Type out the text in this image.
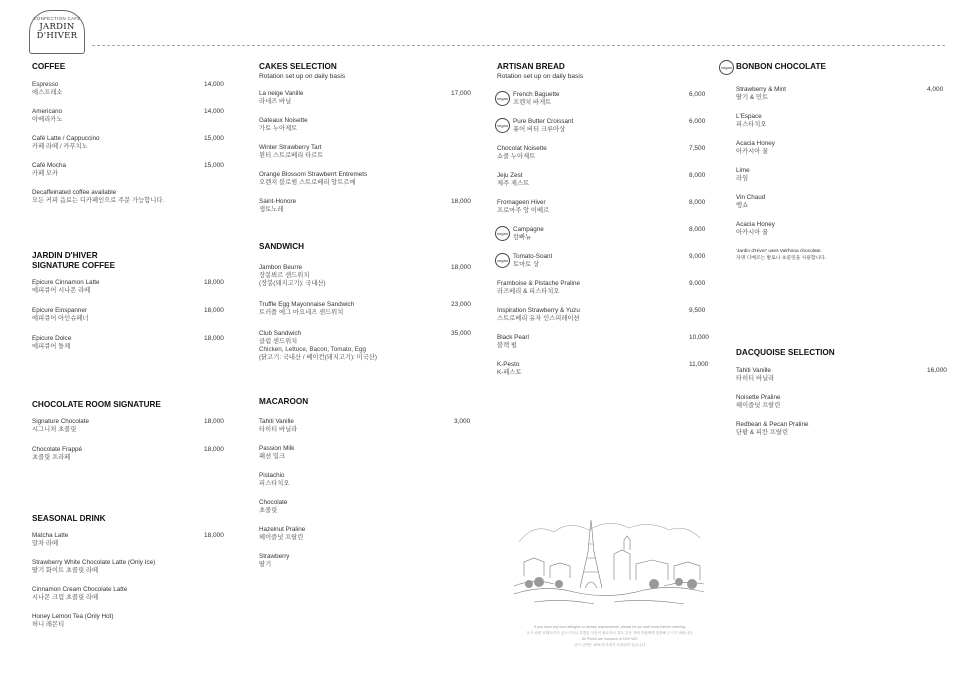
CONFECTION CAFE
JARDIN
D'HIVER
COFFEE
Espresso
에스프레소
14,000
Americano
아메리카노
14,000
Café Latte / Cappuccino
카페 라떼 / 카푸치노
15,000
Café Mocha
카페 모카
15,000
Decaffeinated coffee available
모든 커피 음료는 디카페인으로 주문 가능합니다.
JARDIN D'HIVER
SIGNATURE COFFEE
Epicure Cinnamon Latte
에피큐어 시나몬 라떼
18,000
Epicure Einspanner
에피큐어 아인슈페너
18,000
Epicure Dolce
에피큐어 돌체
18,000
CHOCOLATE ROOM SIGNATURE
Signature Chocolate
시그니처 초콜릿
18,000
Chocolate Frappé
초콜릿 프라페
18,000
SEASONAL DRINK
Matcha Latte
말차 라떼
18,000
Strawberry White Chocolate Latte (Only Ice)
딸기 화이트 초콜릿 라떼
Cinnamon Cream Chocolate Latte
시나몬 크림 초콜릿 라떼
Honey Lemon Tea (Only Hot)
허니 레몬티
CAKES SELECTION
Rotation set up on daily basis
La neige Vanille
라네즈 바닐
17,000
Gateaux Noisette
가토 누아제트
Winter Strawberry Tart
윈터 스트로베리 타르트
Orange Blossom Strawberrt Entremets
오렌지 블로썸 스트로베리 앙트르메
Saint-Honore
생토노레
18,000
SANDWICH
Jambon Beurre
장봉뵈르 샌드위치
(장봉(돼지고기): 국내산)
18,000
Truffle Egg Mayonnaise Sandwich
트러플 에그 마요네즈 샌드위치
23,000
Club Sandwich
클럽 샌드위치
Chicken, Lettuce, Bacon, Tomato, Egg
(닭고기: 국내산 / 베이컨(돼지고기): 미국산)
35,000
MACAROON
Tahiti Vanille
타히티 바닐라
3,000
Passion Milk
패션 밀크
Pistachio
피스타치오
Chocolate
초콜릿
Hazelnut Praline
헤이즐넛 프랄린
Strawberry
딸기
ARTISAN BREAD
Rotation set up on daily basis
vegan
French Baguette
프렌치 바게트
6,000
vegan
Pure Butter Croissant
퓨어 버터 크루아상
6,000
Chocolat Noisette
쇼콜 누아제트
7,500
Jeju Zest
제주 제스트
8,000
Fromageen Hiver
프로마주 앙 이베르
8,000
vegan
Campagne
캄빠뉴
8,000
vegan
Tomato-Soant
토마토 상
9,000
Framboise & Pistache Praline
라즈베리 & 피스타치오
9,000
Inspiration Strawberry & Yuzu
스트로베리 유자 인스피레이션
9,500
Black Pearl
블랙 펄
10,000
K-Pesto
K-페스토
11,000
vegan BONBON CHOCOLATE
Strawberry & Mint
딸기 & 민트
4,000
L'Espace
피스타치오
Acacia Honey
아카시아 꿀
Lime
라임
Vin Chaud
뱅쇼
Acacia Honey
아카시아 꿀
'Jardin d'Hiver' uses Valrhona chocolate.
자댕 디베르는 발로나 초콜릿을 사용합니다.
DACQUOISE SELECTION
Tahiti Vanille
타히티 바닐라
16,000
Noisette Praline
헤이즐넛 프랄린
Redbean & Pecan Praline
단팥 & 피칸 프랄린
If you have any food allergies or dietary requirements, please let our staff know before ordering.
음식 관련 알레르기가 있으시거나 특별한 식단이 필요하신 경우 주문 전에 직원에게 말씀해 주시기 바랍니다.
All Prices are inclusive of 10% VAT.
상기 금액은 10% 부가세가 포함되어 있습니다.
